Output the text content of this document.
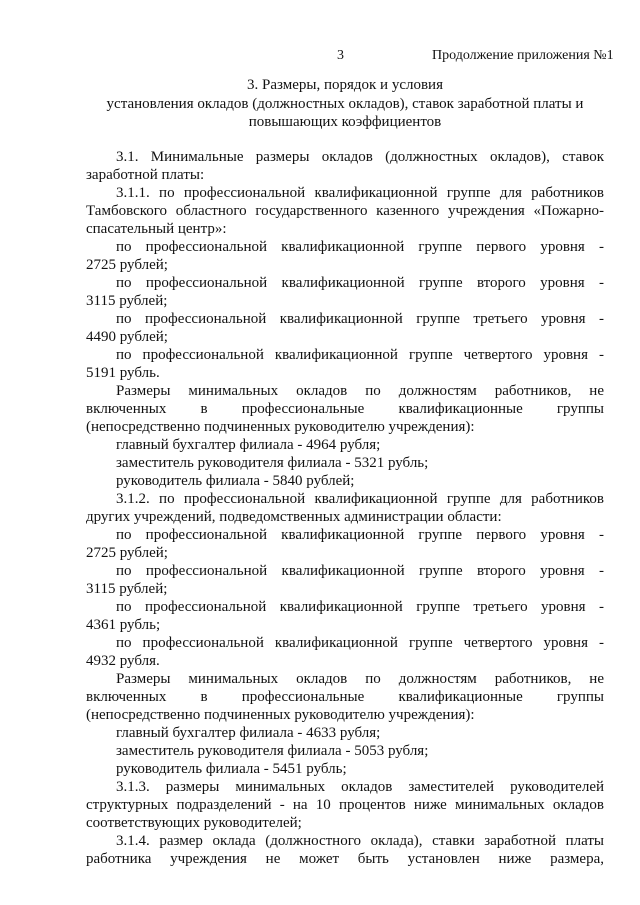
3	Продолжение приложения №1
3. Размеры, порядок и условия
установления окладов (должностных окладов), ставок заработной платы и
повышающих коэффициентов
3.1. Минимальные размеры окладов (должностных окладов), ставок
заработной платы:
3.1.1. по профессиональной квалификационной группе для работников
Тамбовского областного государственного казенного учреждения «Пожарно-
спасательный центр»:
по профессиональной квалификационной группе первого уровня -
2725 рублей;
по профессиональной квалификационной группе второго уровня -
3115 рублей;
по профессиональной квалификационной группе третьего уровня -
4490 рублей;
по профессиональной квалификационной группе четвертого уровня -
5191 рубль.
Размеры минимальных окладов по должностям работников, не
включенных в профессиональные квалификационные группы
(непосредственно подчиненных руководителю учреждения):
главный бухгалтер филиала - 4964 рубля;
заместитель руководителя филиала - 5321 рубль;
руководитель филиала - 5840 рублей;
3.1.2. по профессиональной квалификационной группе для работников
других учреждений, подведомственных администрации области:
по профессиональной квалификационной группе первого уровня -
2725 рублей;
по профессиональной квалификационной группе второго уровня -
3115 рублей;
по профессиональной квалификационной группе третьего уровня -
4361 рубль;
по профессиональной квалификационной группе четвертого уровня -
4932 рубля.
Размеры минимальных окладов по должностям работников, не
включенных в профессиональные квалификационные группы
(непосредственно подчиненных руководителю учреждения):
главный бухгалтер филиала - 4633 рубля;
заместитель руководителя филиала - 5053 рубля;
руководитель филиала - 5451 рубль;
3.1.3. размеры минимальных окладов заместителей руководителей
структурных подразделений - на 10 процентов ниже минимальных окладов
соответствующих руководителей;
3.1.4. размер оклада (должностного оклада), ставки заработной платы
работника учреждения не может быть установлен ниже размера,
